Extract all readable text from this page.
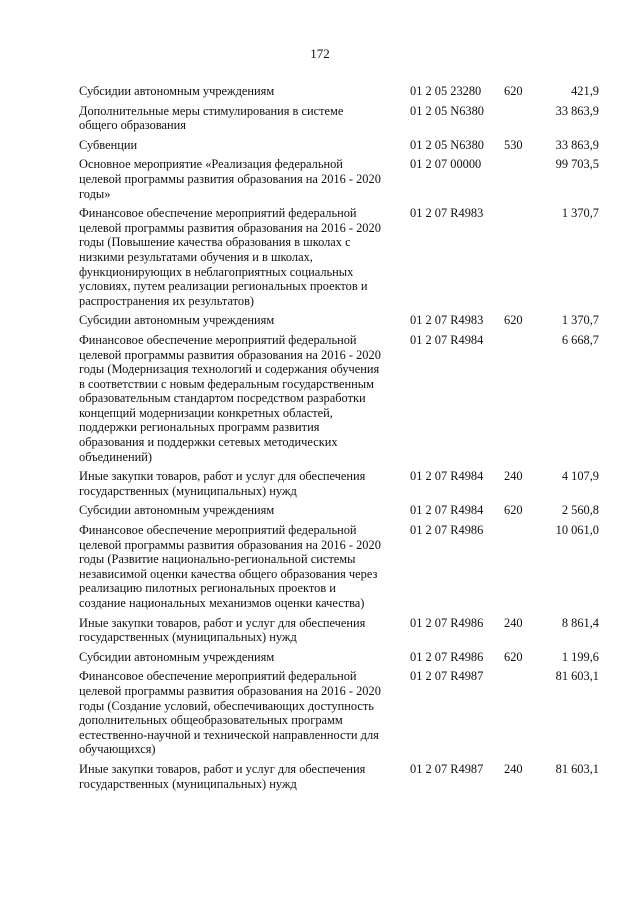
172
Субсидии автономным учреждениям	01 2 05 23280	620	421,9
Дополнительные меры стимулирования в системе общего образования	01 2 05 N6380		33 863,9
Субвенции	01 2 05 N6380	530	33 863,9
Основное мероприятие «Реализация федеральной целевой программы развития образования на 2016 - 2020 годы»	01 2 07 00000		99 703,5
Финансовое обеспечение мероприятий федеральной целевой программы развития образования на 2016 - 2020 годы (Повышение качества образования в школах с низкими результатами обучения и в школах, функционирующих в неблагоприятных социальных условиях, путем реализации региональных проектов и распространения их результатов)	01 2 07 R4983		1 370,7
Субсидии автономным учреждениям	01 2 07 R4983	620	1 370,7
Финансовое обеспечение мероприятий федеральной целевой программы развития образования на 2016 - 2020 годы (Модернизация технологий и содержания обучения в соответствии с новым федеральным государственным образовательным стандартом посредством разработки концепций модернизации конкретных областей, поддержки региональных программ развития образования и поддержки сетевых методических объединений)	01 2 07 R4984		6 668,7
Иные закупки товаров, работ и услуг для обеспечения государственных (муниципальных) нужд	01 2 07 R4984	240	4 107,9
Субсидии автономным учреждениям	01 2 07 R4984	620	2 560,8
Финансовое обеспечение мероприятий федеральной целевой программы развития образования на 2016 - 2020 годы (Развитие национально-региональной системы независимой оценки качества общего образования через реализацию пилотных региональных проектов и создание национальных механизмов оценки качества)	01 2 07 R4986		10 061,0
Иные закупки товаров, работ и услуг для обеспечения государственных (муниципальных) нужд	01 2 07 R4986	240	8 861,4
Субсидии автономным учреждениям	01 2 07 R4986	620	1 199,6
Финансовое обеспечение мероприятий федеральной целевой программы развития образования на 2016 - 2020 годы (Создание условий, обеспечивающих доступность дополнительных общеобразовательных программ естественно-научной и технической направленности для обучающихся)	01 2 07 R4987		81 603,1
Иные закупки товаров, работ и услуг для обеспечения государственных (муниципальных) нужд	01 2 07 R4987	240	81 603,1
